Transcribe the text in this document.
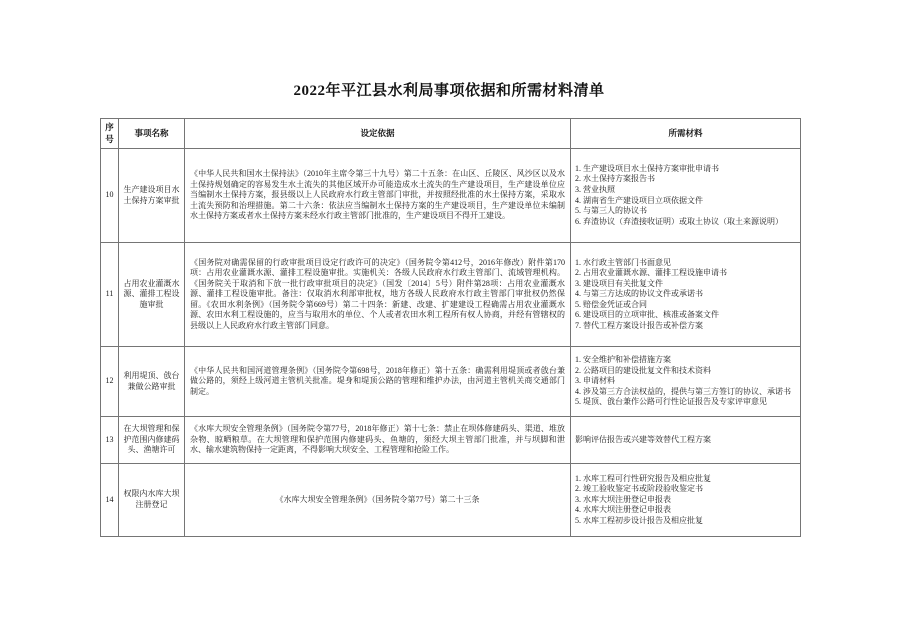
2022年平江县水利局事项依据和所需材料清单
序号	事项名称	设定依据	所需材料
10	生产建设项目水土保持方案审批	《中华人民共和国水土保持法》（2010年主席令第三十九号）第二十五条：在山区、丘陵区、风沙区以及水土保持规划确定的容易发生水土流失的其他区域开办可能造成水土流失的生产建设项目，生产建设单位应当编制水土保持方案，报县级以上人民政府水行政主管部门审批，并按照经批准的水土保持方案，采取水土流失预防和治理措施。第二十六条：依法应当编制水土保持方案的生产建设项目，生产建设单位未编制水土保持方案或者水土保持方案未经水行政主管部门批准的，生产建设项目不得开工建设。	
1. 生产建设项目水土保持方案审批申请书
2. 水土保持方案报告书
3. 营业执照
4. 湖南省生产建设项目立项依据文件
5. 与第三人的协议书
6. 弃渣协议（弃渣接收证明）或取土协议（取土来源说明）

11	占用农业灌溉水源、灌排工程设施审批	《国务院对确需保留的行政审批项目设定行政许可的决定》（国务院令第412号，2016年修改）附件第170项：占用农业灌溉水源、灌排工程设施审批。实施机关：各级人民政府水行政主管部门、流域管理机构。《国务院关于取消和下放一批行政审批项目的决定》（国发〔2014〕5号）附件第28项：占用农业灌溉水源、灌排工程设施审批。备注：仅取消水利部审批权，地方各级人民政府水行政主管部门审批权仍然保留。《农田水利条例》（国务院令第669号）第二十四条：新建、改建、扩建建设工程确需占用农业灌溉水源、农田水利工程设施的，应当与取用水的单位、个人或者农田水利工程所有权人协商，并经有管辖权的县级以上人民政府水行政主管部门同意。	
1. 水行政主管部门书面意见
2. 占用农业灌溉水源、灌排工程设施申请书
3. 建设项目有关批复文件
4. 与第三方达成的协议文件或承诺书
5. 赔偿金凭证或合同
6. 建设项目的立项审批、核准或备案文件
7. 替代工程方案设计报告或补偿方案

12	利用堤顶、戗台兼做公路审批	《中华人民共和国河道管理条例》（国务院令第698号，2018年修正）第十五条：确需利用堤顶或者戗台兼做公路的，须经上级河道主管机关批准。堤身和堤顶公路的管理和维护办法，由河道主管机关商交通部门制定。	1. 安全维护和补偿措施方案
2. 公路项目的建设批复文件和技术资料
3. 申请材料
4. 涉及第三方合法权益的，提供与第三方签订的协议、承诺书
5. 堤顶、戗台兼作公路可行性论证报告及专家评审意见

13	在大坝管理和保护范围内修建码头、渔塘许可	《水库大坝安全管理条例》（国务院令第77号，2018年修正）第十七条：禁止在坝体修建码头、渠道、堆放杂物、晾晒粮草。在大坝管理和保护范围内修建码头、鱼塘的，须经大坝主管部门批准，并与坝脚和泄水、输水建筑物保持一定距离，不得影响大坝安全、工程管理和抢险工作。	影响评估报告或兴建等效替代工程方案

14	权限内水库大坝注册登记	《水库大坝安全管理条例》（国务院令第77号）第二十三条	1. 水库工程可行性研究报告及相应批复
2. 竣工验收鉴定书或阶段验收鉴定书
3. 水库大坝注册登记申报表
4. 水库大坝注册登记申报表
5. 水库工程初步设计报告及相应批复
